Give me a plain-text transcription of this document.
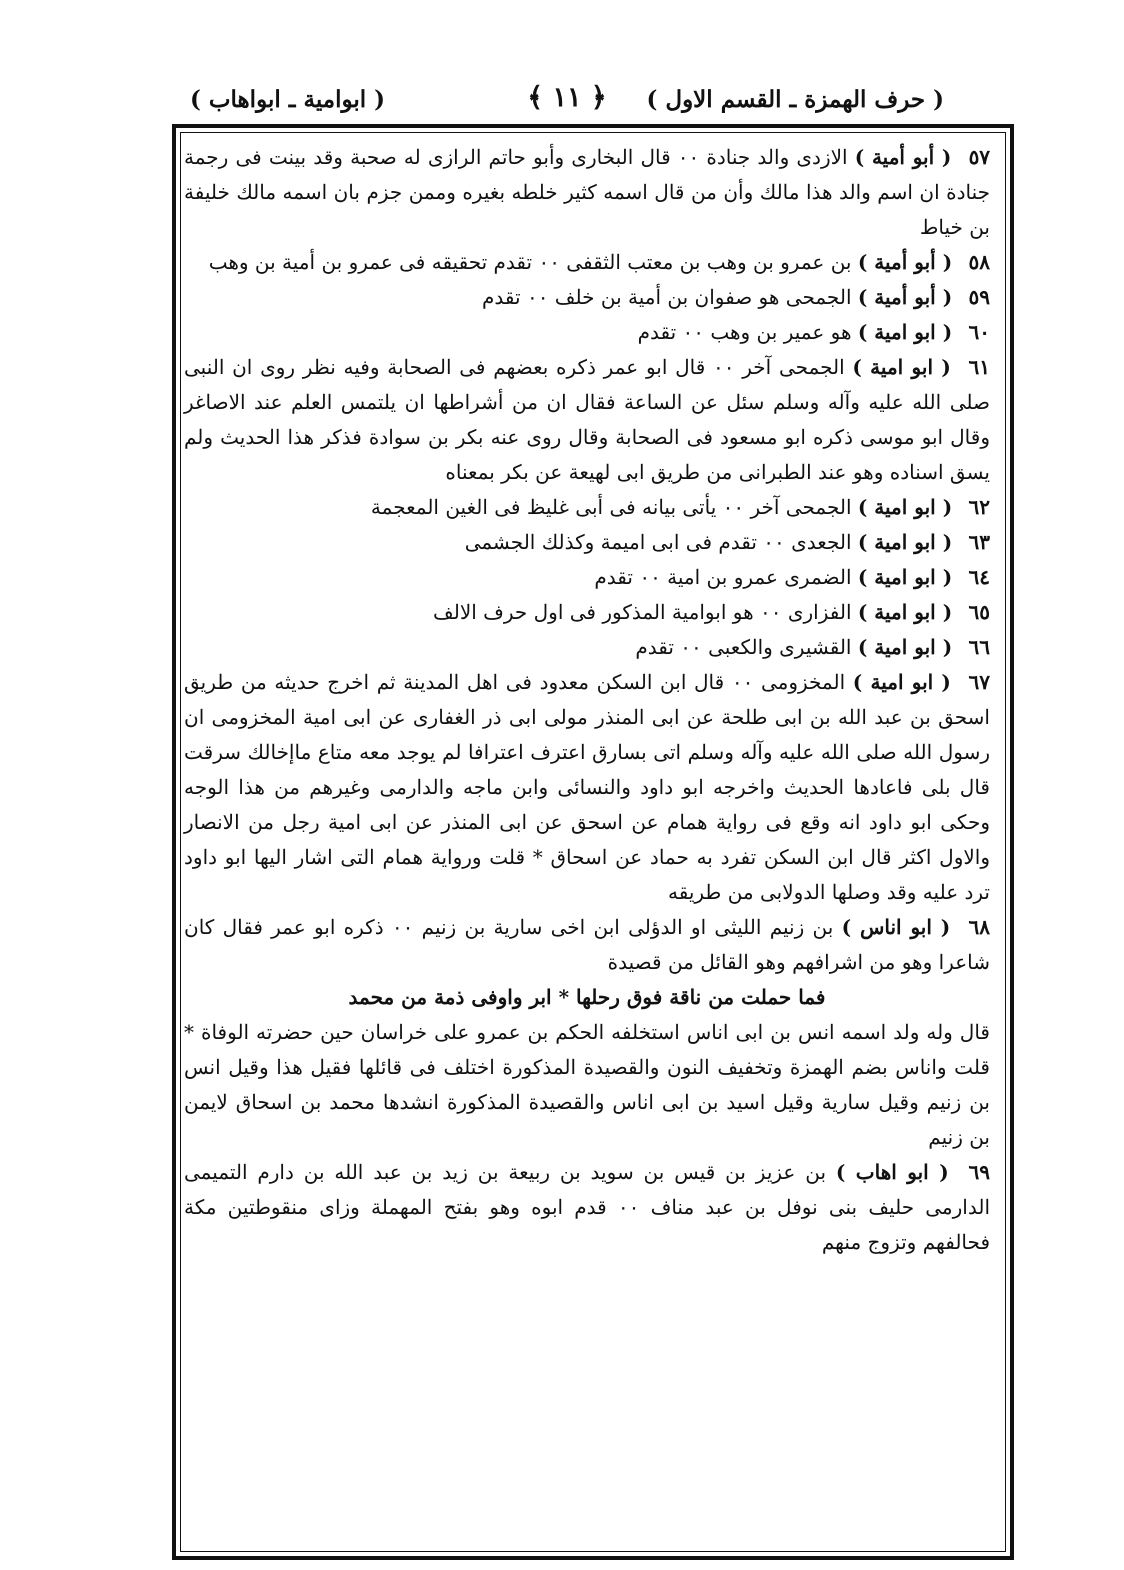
( حرف الهمزة ـ القسم الاول )
﴿ ١١ ﴾
( ابوامية ـ ابواهاب )

٥٧ ( أبو أمية ) الازدى والد جنادة ٠٠ قال البخارى وأبو حاتم الرازى له صحبة وقد بينت فى رجمة جنادة ان اسم والد هذا مالك وأن من قال اسمه كثير خلطه بغيره وممن جزم بان اسمه مالك خليفة بن خياط

٥٨ ( أبو أمية ) بن عمرو بن وهب بن معتب الثقفى ٠٠ تقدم تحقيقه فى عمرو بن أمية بن وهب

٥٩ ( أبو أمية ) الجمحى هو صفوان بن أمية بن خلف ٠٠ تقدم

٦٠ ( ابو امية ) هو عمير بن وهب ٠٠ تقدم

٦١ ( ابو امية ) الجمحى آخر ٠٠ قال ابو عمر ذكره بعضهم فى الصحابة وفيه نظر روى ان النبى صلى الله عليه وآله وسلم سئل عن الساعة فقال ان من أشراطها ان يلتمس العلم عند الاصاغر وقال ابو موسى ذكره ابو مسعود فى الصحابة وقال روى عنه بكر بن سوادة فذكر هذا الحديث ولم يسق اسناده وهو عند الطبرانى من طريق ابى لهيعة عن بكر بمعناه

٦٢ ( ابو امية ) الجمحى آخر ٠٠ يأتى بيانه فى أبى غليظ فى الغين المعجمة

٦٣ ( ابو امية ) الجعدى ٠٠ تقدم فى ابى اميمة وكذلك الجشمى

٦٤ ( ابو امية ) الضمرى عمرو بن امية ٠٠ تقدم

٦٥ ( ابو امية ) الفزارى ٠٠ هو ابوامية المذكور فى اول حرف الالف

٦٦ ( ابو امية ) القشيرى والكعبى ٠٠ تقدم

٦٧ ( ابو امية ) المخزومى ٠٠ قال ابن السكن معدود فى اهل المدينة ثم اخرج حديثه من طريق اسحق بن عبد الله بن ابى طلحة عن ابى المنذر مولى ابى ذر الغفارى عن ابى امية المخزومى ان رسول الله صلى الله عليه وآله وسلم اتى بسارق اعترف اعترافا لم يوجد معه متاع ماإخالك سرقت قال بلى فاعادها الحديث واخرجه ابو داود والنسائى وابن ماجه والدارمى وغيرهم من هذا الوجه وحكى ابو داود انه وقع فى رواية همام عن اسحق عن ابى المنذر عن ابى امية رجل من الانصار والاول اكثر قال ابن السكن تفرد به حماد عن اسحاق * قلت ورواية همام التى اشار اليها ابو داود ترد عليه وقد وصلها الدولابى من طريقه

٦٨ ( ابو اناس ) بن زنيم الليثى او الدؤلى ابن اخى سارية بن زنيم ٠٠ ذكره ابو عمر فقال كان شاعرا وهو من اشرافهم وهو القائل من قصيدة

فما حملت من ناقة فوق رحلها * ابر واوفى ذمة من محمد

قال وله ولد اسمه انس بن ابى اناس استخلفه الحكم بن عمرو على خراسان حين حضرته الوفاة * قلت واناس بضم الهمزة وتخفيف النون والقصيدة المذكورة اختلف فى قائلها فقيل هذا وقيل انس بن زنيم وقيل سارية وقيل اسيد بن ابى اناس والقصيدة المذكورة انشدها محمد بن اسحاق لايمن بن زنيم

٦٩ ( ابو اهاب ) بن عزيز بن قيس بن سويد بن ربيعة بن زيد بن عبد الله بن دارم التميمى الدارمى حليف بنى نوفل بن عبد مناف ٠٠ قدم ابوه وهو بفتح المهملة وزاى منقوطتين مكة فحالفهم وتزوج منهم
